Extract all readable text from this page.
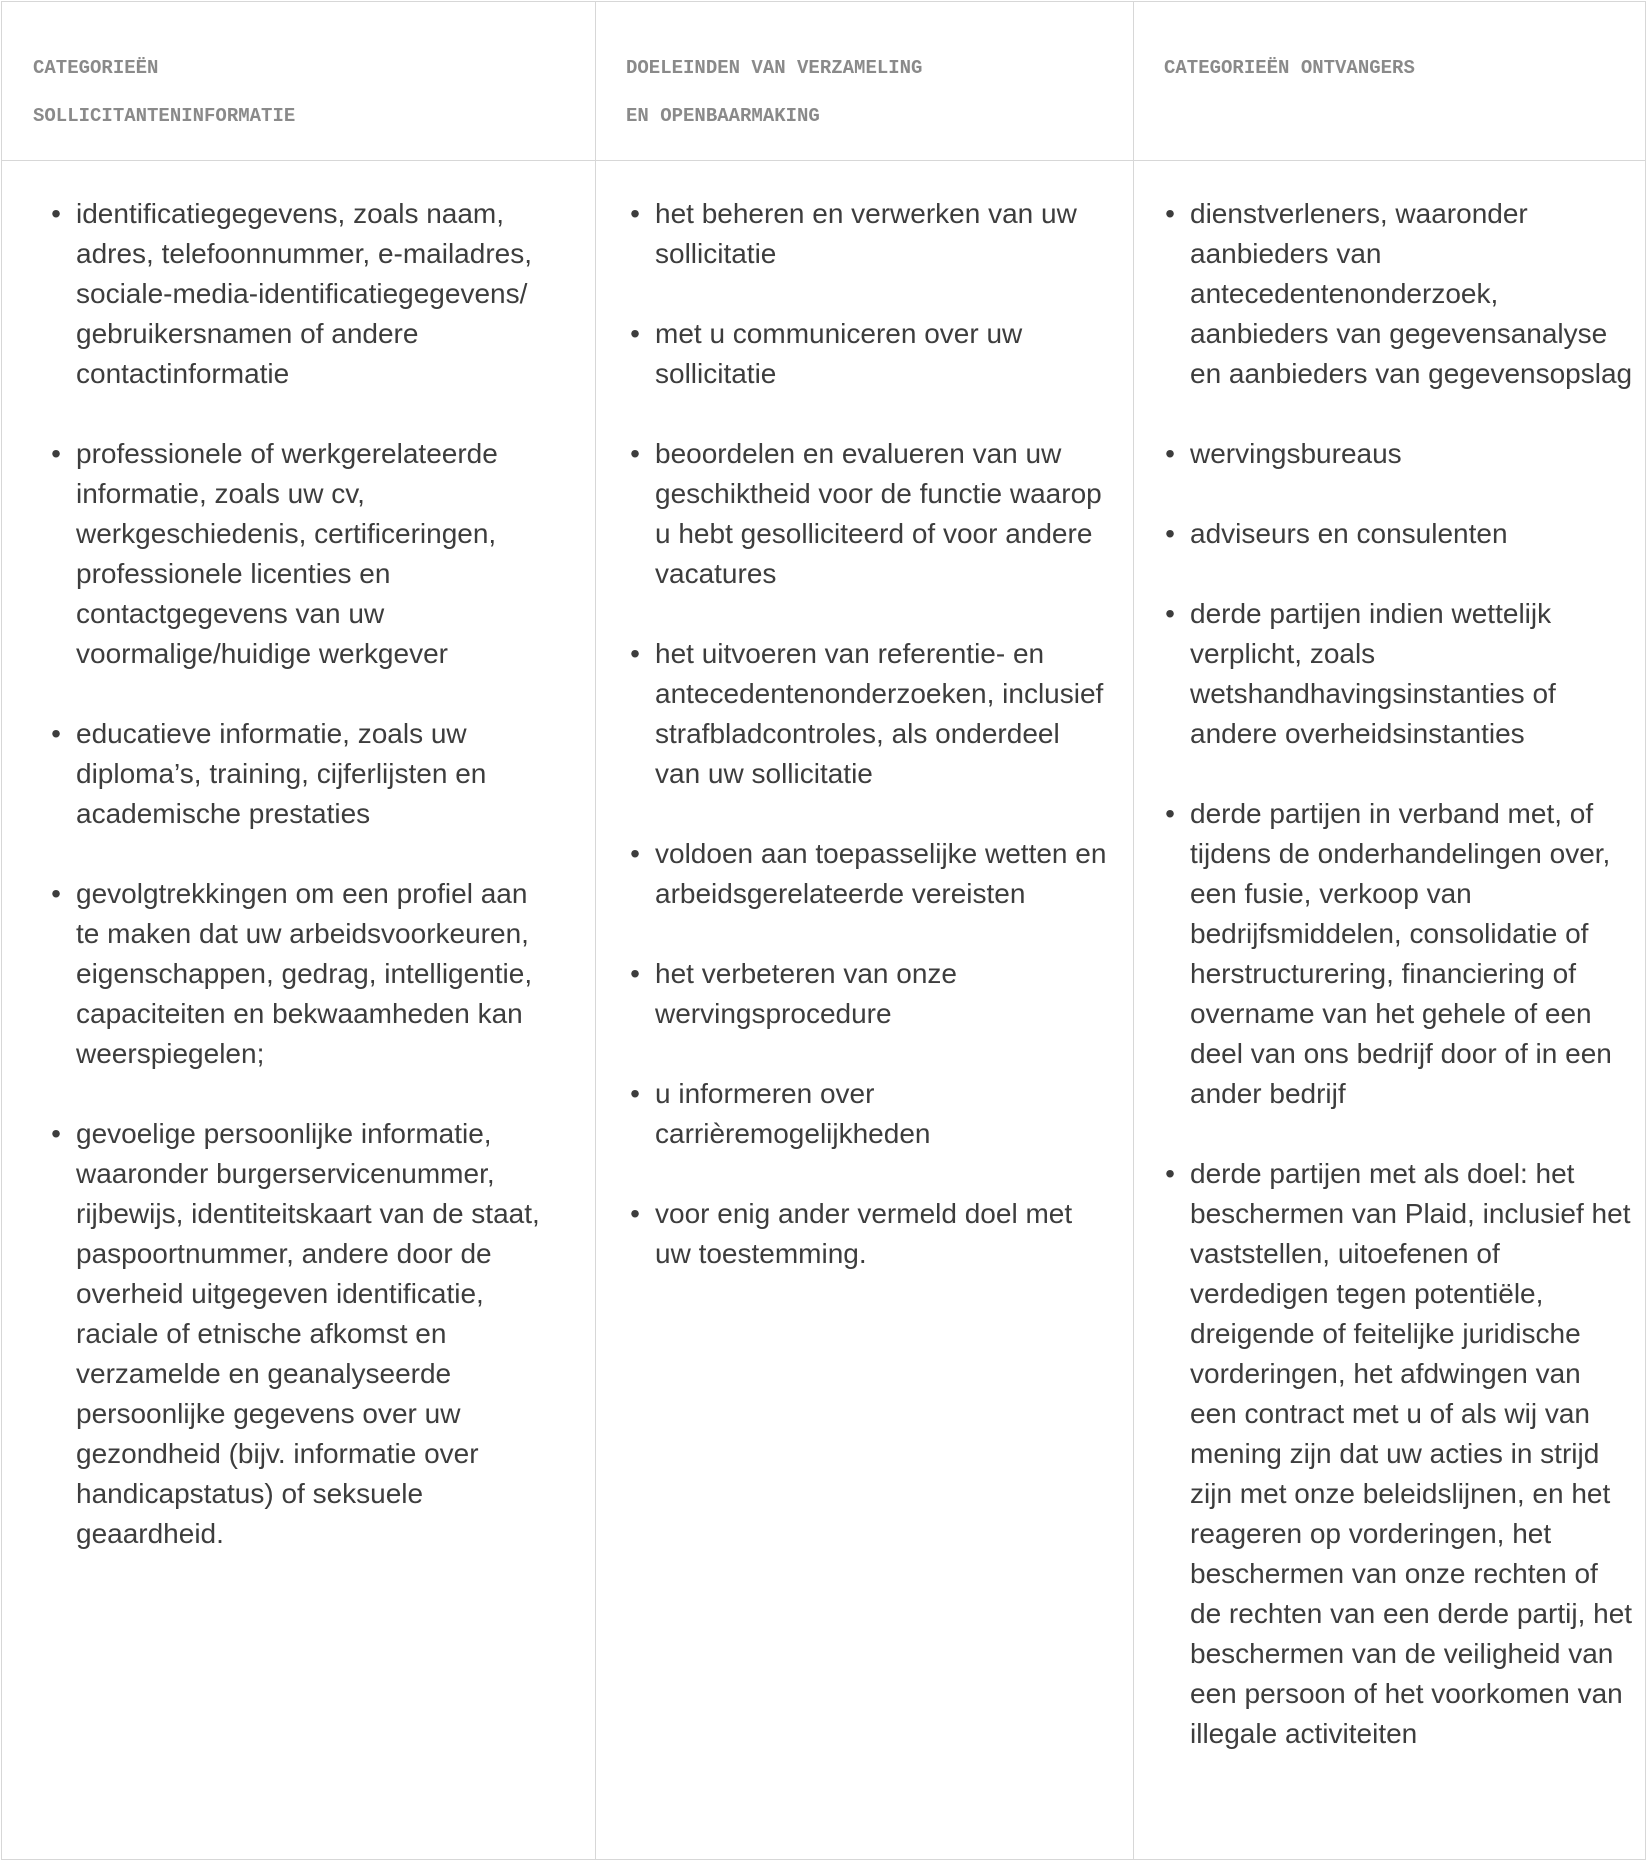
CATEGORIEËN
SOLLICITANTENINFORMATIE

• identificatiegegevens, zoals naam, adres, telefoonnummer, e-mailadres, sociale-media-identificatiegegevens/ gebruikersnamen of andere contactinformatie
• professionele of werkgerelateerde informatie, zoals uw cv, werkgeschiedenis, certificeringen, professionele licenties en contactgegevens van uw voormalige/huidige werkgever
• educatieve informatie, zoals uw diploma’s, training, cijferlijsten en academische prestaties
• gevolgtrekkingen om een profiel aan te maken dat uw arbeidsvoorkeuren, eigenschappen, gedrag, intelligentie, capaciteiten en bekwaamheden kan weerspiegelen;
• gevoelige persoonlijke informatie, waaronder burgerservicenummer, rijbewijs, identiteitskaart van de staat, paspoortnummer, andere door de overheid uitgegeven identificatie, raciale of etnische afkomst en verzamelde en geanalyseerde persoonlijke gegevens over uw gezondheid (bijv. informatie over handicapstatus) of seksuele geaardheid.

DOELEINDEN VAN VERZAMELING
EN OPENBAARMAKING

• het beheren en verwerken van uw sollicitatie
• met u communiceren over uw sollicitatie
• beoordelen en evalueren van uw geschiktheid voor de functie waarop u hebt gesolliciteerd of voor andere vacatures
• het uitvoeren van referentie- en antecedentenonderzoeken, inclusief strafbladcontroles, als onderdeel van uw sollicitatie
• voldoen aan toepasselijke wetten en arbeidsgerelateerde vereisten
• het verbeteren van onze wervingsprocedure
• u informeren over carrièremogelijkheden
• voor enig ander vermeld doel met uw toestemming.

CATEGORIEËN ONTVANGERS

• dienstverleners, waaronder aanbieders van antecedentenonderzoek, aanbieders van gegevensanalyse en aanbieders van gegevensopslag
• wervingsbureaus
• adviseurs en consulenten
• derde partijen indien wettelijk verplicht, zoals wetshandhavingsinstanties of andere overheidsinstanties
• derde partijen in verband met, of tijdens de onderhandelingen over, een fusie, verkoop van bedrijfsmiddelen, consolidatie of herstructurering, financiering of overname van het gehele of een deel van ons bedrijf door of in een ander bedrijf
• derde partijen met als doel: het beschermen van Plaid, inclusief het vaststellen, uitoefenen of verdedigen tegen potentiële, dreigende of feitelijke juridische vorderingen, het afdwingen van een contract met u of als wij van mening zijn dat uw acties in strijd zijn met onze beleidslijnen, en het reageren op vorderingen, het beschermen van onze rechten of de rechten van een derde partij, het beschermen van de veiligheid van een persoon of het voorkomen van illegale activiteiten
